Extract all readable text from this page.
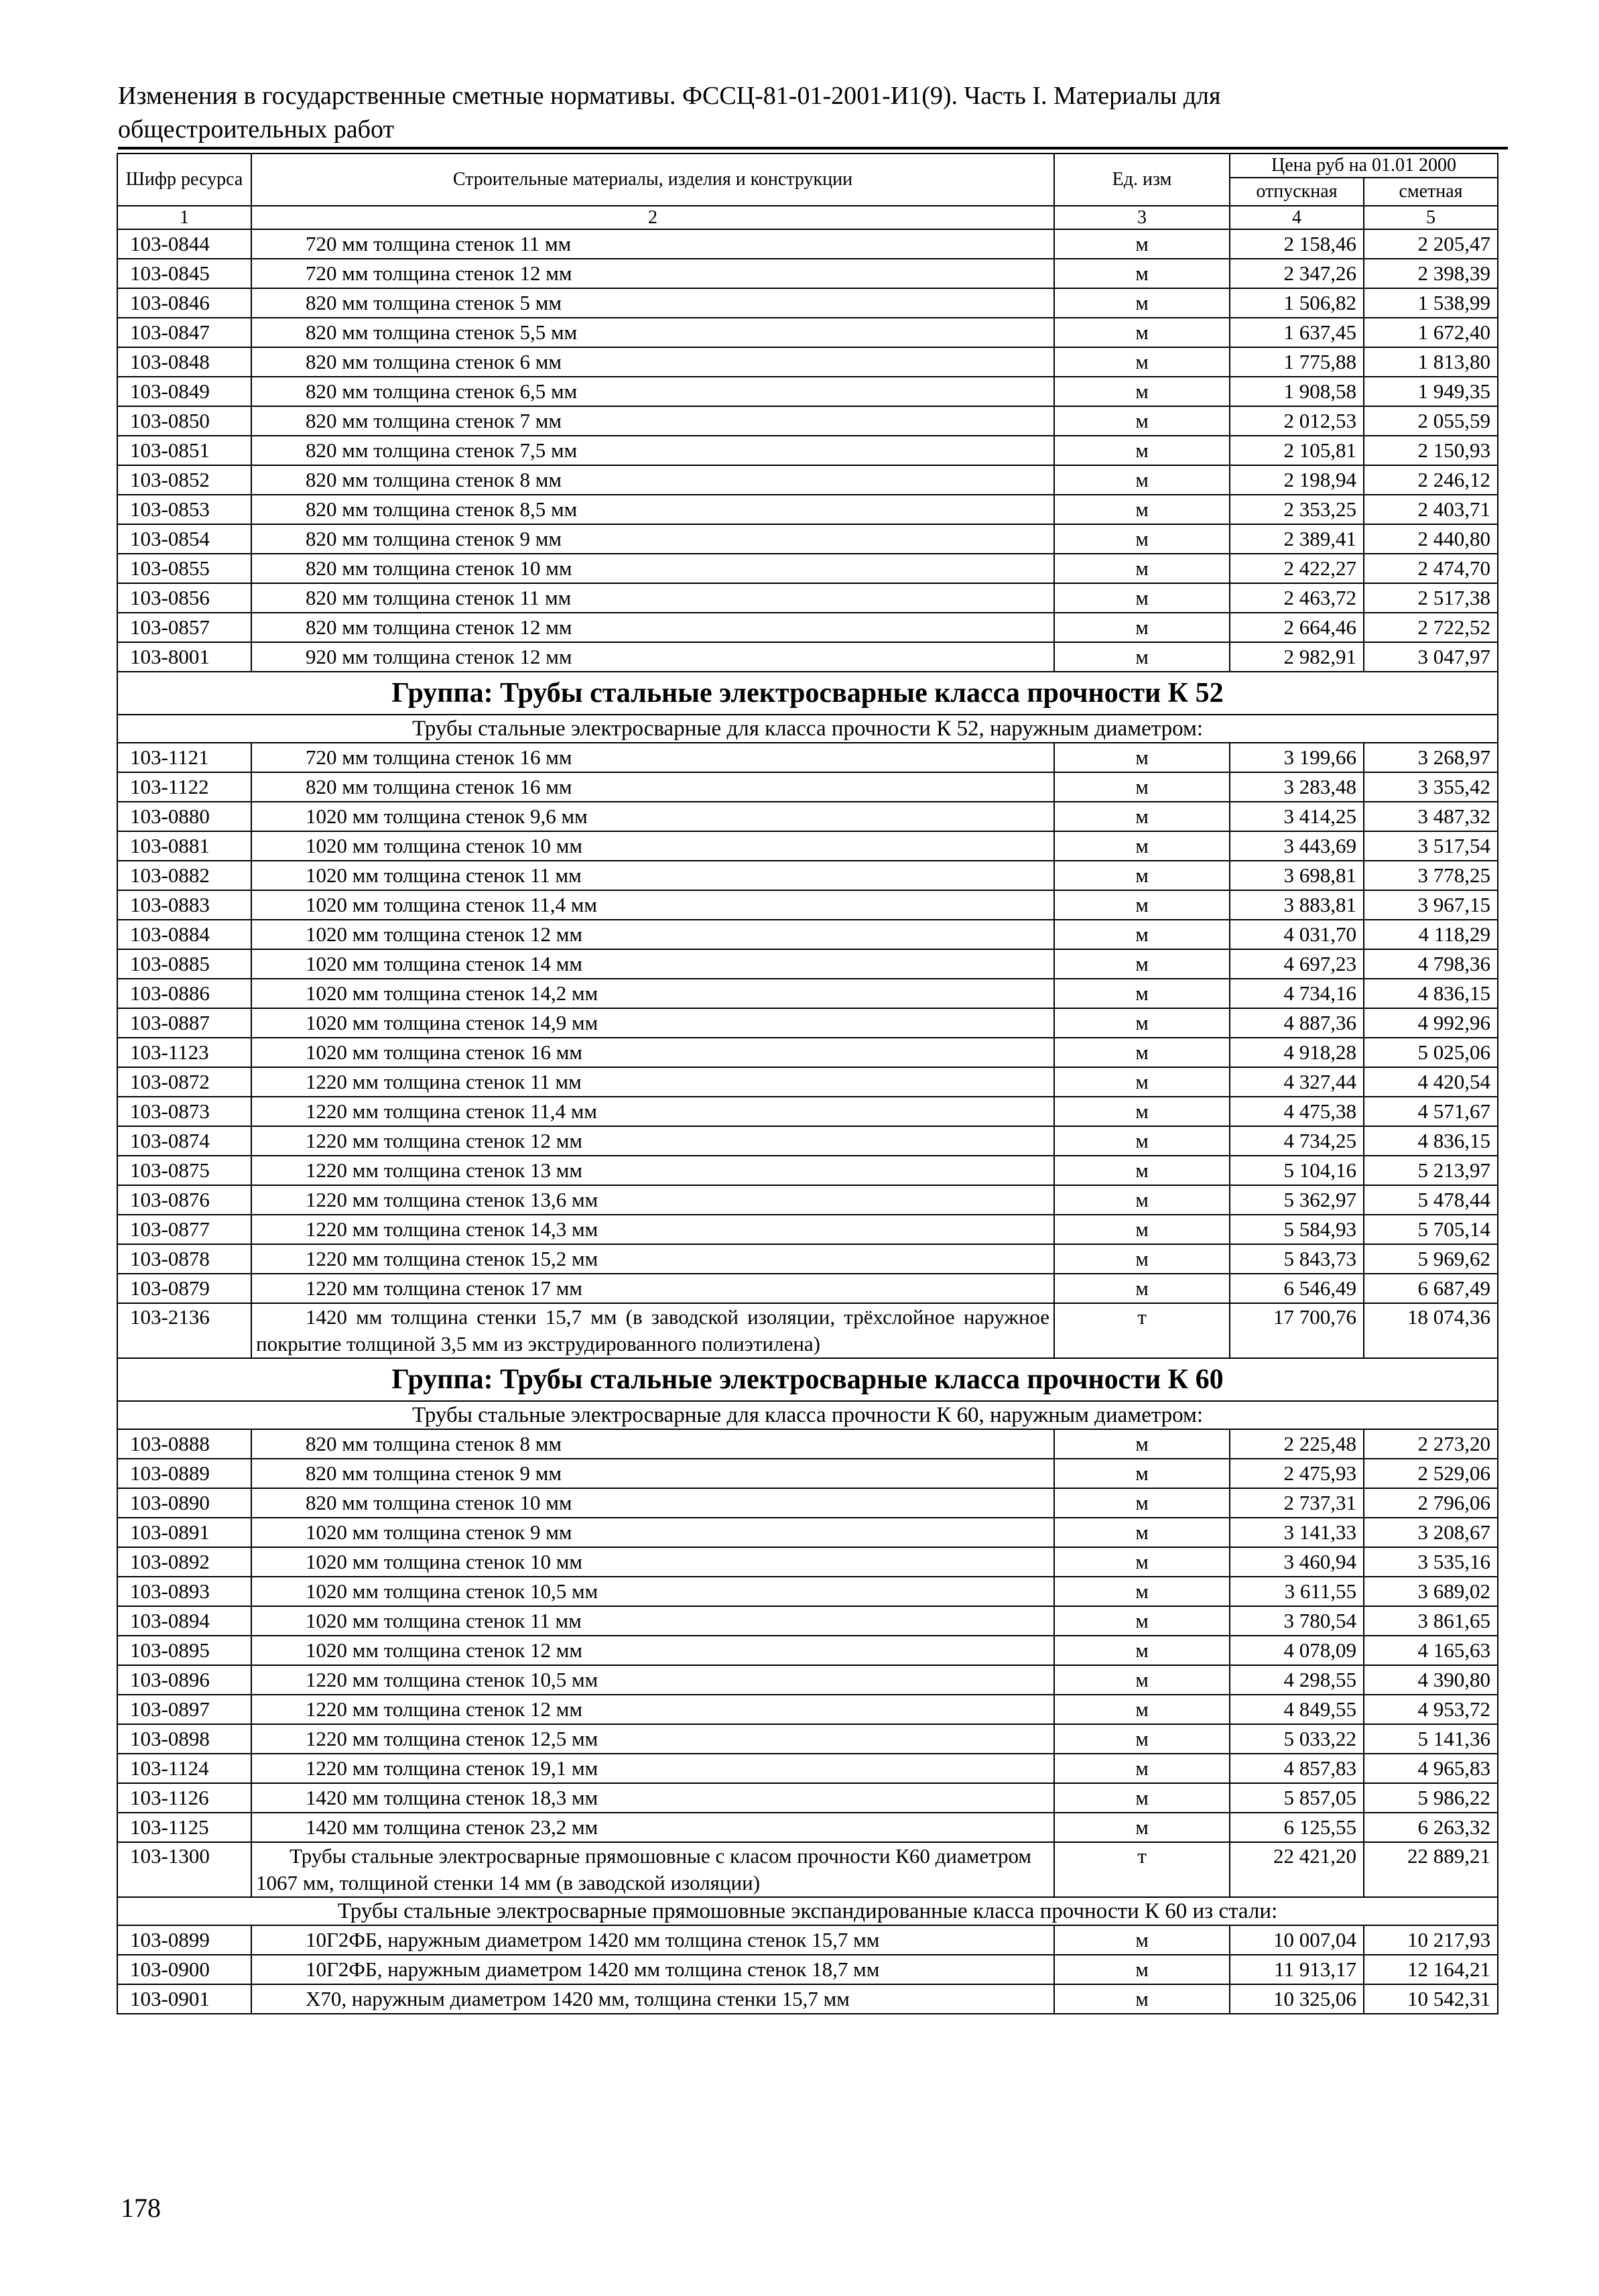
Изменения в государственные сметные нормативы. ФССЦ-81-01-2001-И1(9). Часть I. Материалы для
общестроительных работ
Шифр ресурса	Строительные материалы, изделия и конструкции	Ед. изм	Цена руб на 01.01 2000	
			отпускная	сметная
1	2	3	4	5
103-0844	720 мм толщина стенок 11 мм	м	2 158,46	2 205,47
103-0845	720 мм толщина стенок 12 мм	м	2 347,26	2 398,39
103-0846	820 мм толщина стенок 5 мм	м	1 506,82	1 538,99
103-0847	820 мм толщина стенок 5,5 мм	м	1 637,45	1 672,40
103-0848	820 мм толщина стенок 6 мм	м	1 775,88	1 813,80
103-0849	820 мм толщина стенок 6,5 мм	м	1 908,58	1 949,35
103-0850	820 мм толщина стенок 7 мм	м	2 012,53	2 055,59
103-0851	820 мм толщина стенок 7,5 мм	м	2 105,81	2 150,93
103-0852	820 мм толщина стенок 8 мм	м	2 198,94	2 246,12
103-0853	820 мм толщина стенок 8,5 мм	м	2 353,25	2 403,71
103-0854	820 мм толщина стенок 9 мм	м	2 389,41	2 440,80
103-0855	820 мм толщина стенок 10 мм	м	2 422,27	2 474,70
103-0856	820 мм толщина стенок 11 мм	м	2 463,72	2 517,38
103-0857	820 мм толщина стенок 12 мм	м	2 664,46	2 722,52
103-8001	920 мм толщина стенок 12 мм	м	2 982,91	3 047,97
Группа: Трубы стальные электросварные класса прочности К 52				
Трубы стальные электросварные для класса прочности К 52, наружным диаметром:				
103-1121	720 мм толщина стенок 16 мм	м	3 199,66	3 268,97
103-1122	820 мм толщина стенок 16 мм	м	3 283,48	3 355,42
103-0880	1020 мм толщина стенок 9,6 мм	м	3 414,25	3 487,32
103-0881	1020 мм толщина стенок 10 мм	м	3 443,69	3 517,54
103-0882	1020 мм толщина стенок 11 мм	м	3 698,81	3 778,25
103-0883	1020 мм толщина стенок 11,4 мм	м	3 883,81	3 967,15
103-0884	1020 мм толщина стенок 12 мм	м	4 031,70	4 118,29
103-0885	1020 мм толщина стенок 14 мм	м	4 697,23	4 798,36
103-0886	1020 мм толщина стенок 14,2 мм	м	4 734,16	4 836,15
103-0887	1020 мм толщина стенок 14,9 мм	м	4 887,36	4 992,96
103-1123	1020 мм толщина стенок 16 мм	м	4 918,28	5 025,06
103-0872	1220 мм толщина стенок 11 мм	м	4 327,44	4 420,54
103-0873	1220 мм толщина стенок 11,4 мм	м	4 475,38	4 571,67
103-0874	1220 мм толщина стенок 12 мм	м	4 734,25	4 836,15
103-0875	1220 мм толщина стенок 13 мм	м	5 104,16	5 213,97
103-0876	1220 мм толщина стенок 13,6 мм	м	5 362,97	5 478,44
103-0877	1220 мм толщина стенок 14,3 мм	м	5 584,93	5 705,14
103-0878	1220 мм толщина стенок 15,2 мм	м	5 843,73	5 969,62
103-0879	1220 мм толщина стенок 17 мм	м	6 546,49	6 687,49
103-2136	1420 мм толщина стенки 15,7 мм (в заводской изоляции, трёхслойное наружное покрытие толщиной 3,5 мм из экструдированного полиэтилена)	т	17 700,76	18 074,36
Группа: Трубы стальные электросварные класса прочности К 60				
Трубы стальные электросварные для класса прочности К 60, наружным диаметром:				
103-0888	820 мм толщина стенок 8 мм	м	2 225,48	2 273,20
103-0889	820 мм толщина стенок 9 мм	м	2 475,93	2 529,06
103-0890	820 мм толщина стенок 10 мм	м	2 737,31	2 796,06
103-0891	1020 мм толщина стенок 9 мм	м	3 141,33	3 208,67
103-0892	1020 мм толщина стенок 10 мм	м	3 460,94	3 535,16
103-0893	1020 мм толщина стенок 10,5 мм	м	3 611,55	3 689,02
103-0894	1020 мм толщина стенок 11 мм	м	3 780,54	3 861,65
103-0895	1020 мм толщина стенок 12 мм	м	4 078,09	4 165,63
103-0896	1220 мм толщина стенок 10,5 мм	м	4 298,55	4 390,80
103-0897	1220 мм толщина стенок 12 мм	м	4 849,55	4 953,72
103-0898	1220 мм толщина стенок 12,5 мм	м	5 033,22	5 141,36
103-1124	1220 мм толщина стенок 19,1 мм	м	4 857,83	4 965,83
103-1126	1420 мм толщина стенок 18,3 мм	м	5 857,05	5 986,22
103-1125	1420 мм толщина стенок 23,2 мм	м	6 125,55	6 263,32
103-1300	Трубы стальные электросварные прямошовные с класом прочности К60 диаметром 1067 мм, толщиной стенки 14 мм (в заводской изоляции)	т	22 421,20	22 889,21
Трубы стальные электросварные прямошовные экспандированные класса прочности К 60 из стали:				
103-0899	10Г2ФБ, наружным диаметром 1420 мм толщина стенок 15,7 мм	м	10 007,04	10 217,93
103-0900	10Г2ФБ, наружным диаметром 1420 мм толщина стенок 18,7 мм	м	11 913,17	12 164,21
103-0901	Х70, наружным диаметром 1420 мм, толщина стенки 15,7 мм	м	10 325,06	10 542,31
178
